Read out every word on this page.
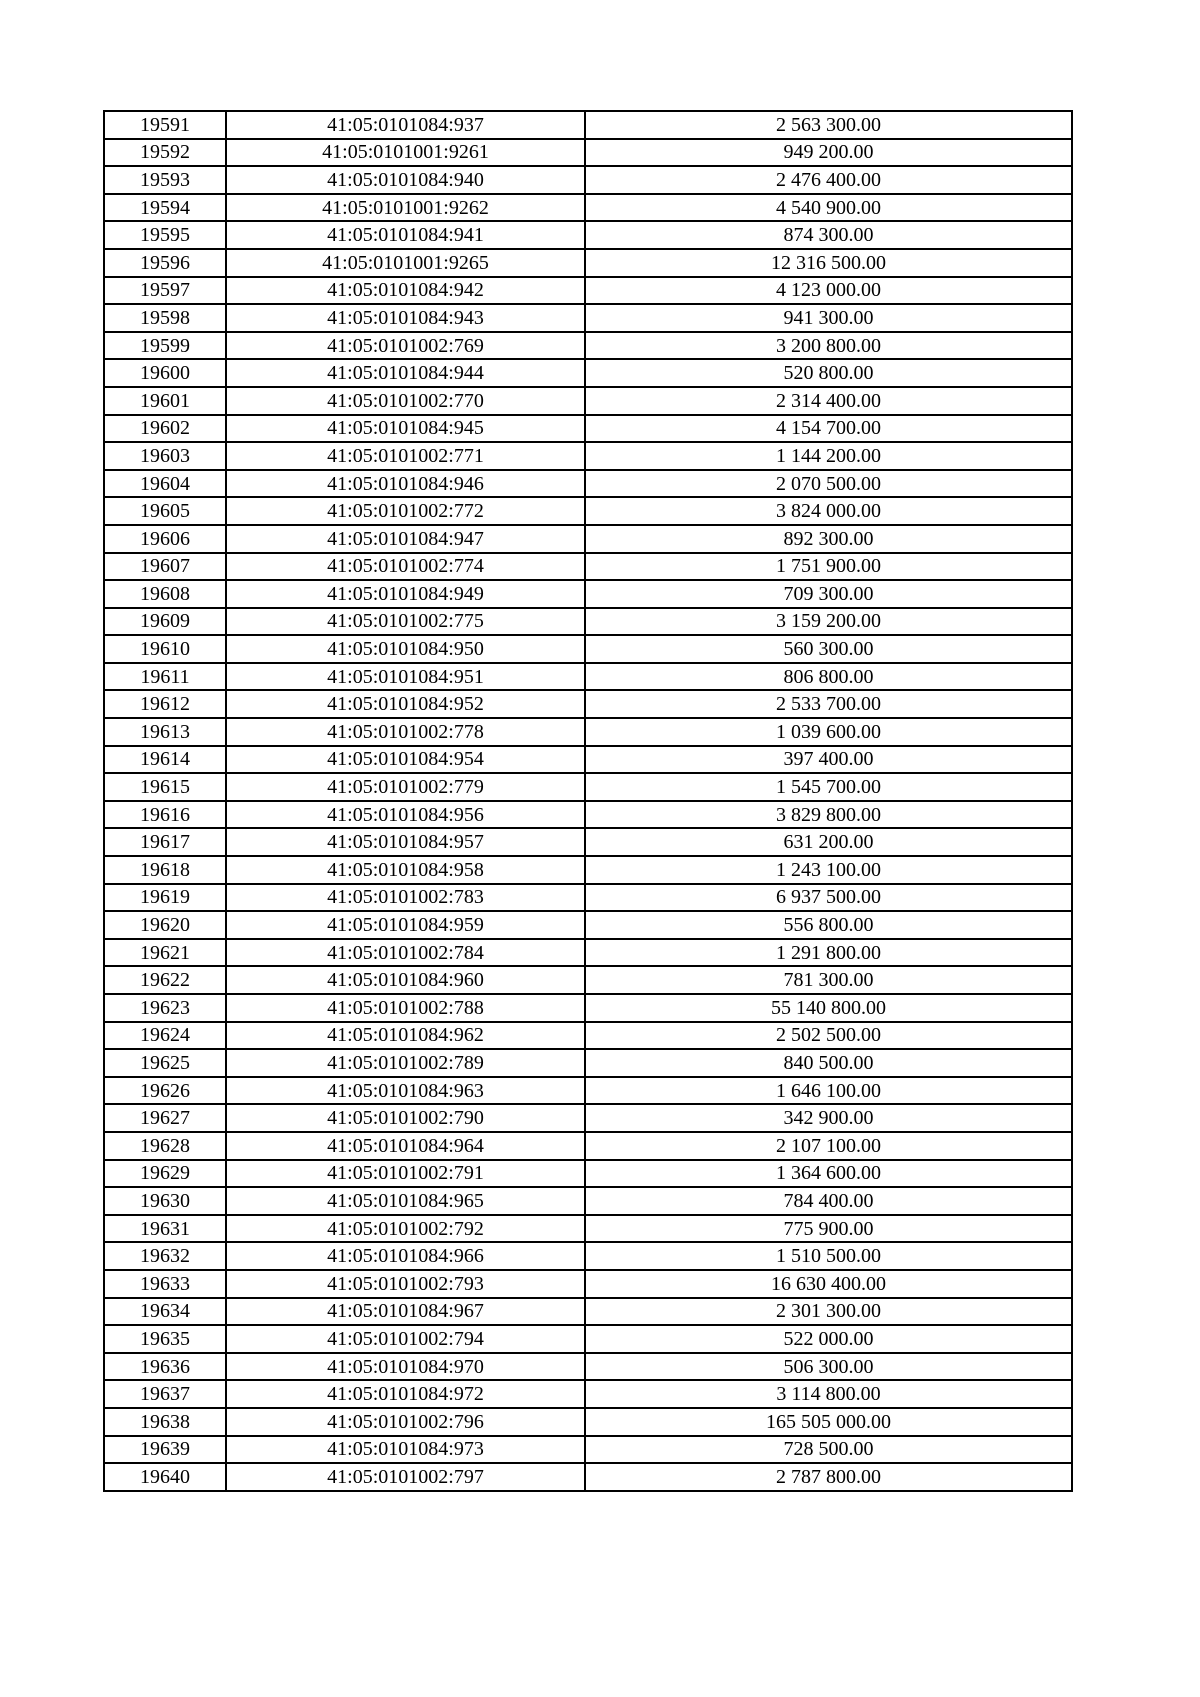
19591	41:05:0101084:937	2 563 300.00
19592	41:05:0101001:9261	949 200.00
19593	41:05:0101084:940	2 476 400.00
19594	41:05:0101001:9262	4 540 900.00
19595	41:05:0101084:941	874 300.00
19596	41:05:0101001:9265	12 316 500.00
19597	41:05:0101084:942	4 123 000.00
19598	41:05:0101084:943	941 300.00
19599	41:05:0101002:769	3 200 800.00
19600	41:05:0101084:944	520 800.00
19601	41:05:0101002:770	2 314 400.00
19602	41:05:0101084:945	4 154 700.00
19603	41:05:0101002:771	1 144 200.00
19604	41:05:0101084:946	2 070 500.00
19605	41:05:0101002:772	3 824 000.00
19606	41:05:0101084:947	892 300.00
19607	41:05:0101002:774	1 751 900.00
19608	41:05:0101084:949	709 300.00
19609	41:05:0101002:775	3 159 200.00
19610	41:05:0101084:950	560 300.00
19611	41:05:0101084:951	806 800.00
19612	41:05:0101084:952	2 533 700.00
19613	41:05:0101002:778	1 039 600.00
19614	41:05:0101084:954	397 400.00
19615	41:05:0101002:779	1 545 700.00
19616	41:05:0101084:956	3 829 800.00
19617	41:05:0101084:957	631 200.00
19618	41:05:0101084:958	1 243 100.00
19619	41:05:0101002:783	6 937 500.00
19620	41:05:0101084:959	556 800.00
19621	41:05:0101002:784	1 291 800.00
19622	41:05:0101084:960	781 300.00
19623	41:05:0101002:788	55 140 800.00
19624	41:05:0101084:962	2 502 500.00
19625	41:05:0101002:789	840 500.00
19626	41:05:0101084:963	1 646 100.00
19627	41:05:0101002:790	342 900.00
19628	41:05:0101084:964	2 107 100.00
19629	41:05:0101002:791	1 364 600.00
19630	41:05:0101084:965	784 400.00
19631	41:05:0101002:792	775 900.00
19632	41:05:0101084:966	1 510 500.00
19633	41:05:0101002:793	16 630 400.00
19634	41:05:0101084:967	2 301 300.00
19635	41:05:0101002:794	522 000.00
19636	41:05:0101084:970	506 300.00
19637	41:05:0101084:972	3 114 800.00
19638	41:05:0101002:796	165 505 000.00
19639	41:05:0101084:973	728 500.00
19640	41:05:0101002:797	2 787 800.00
